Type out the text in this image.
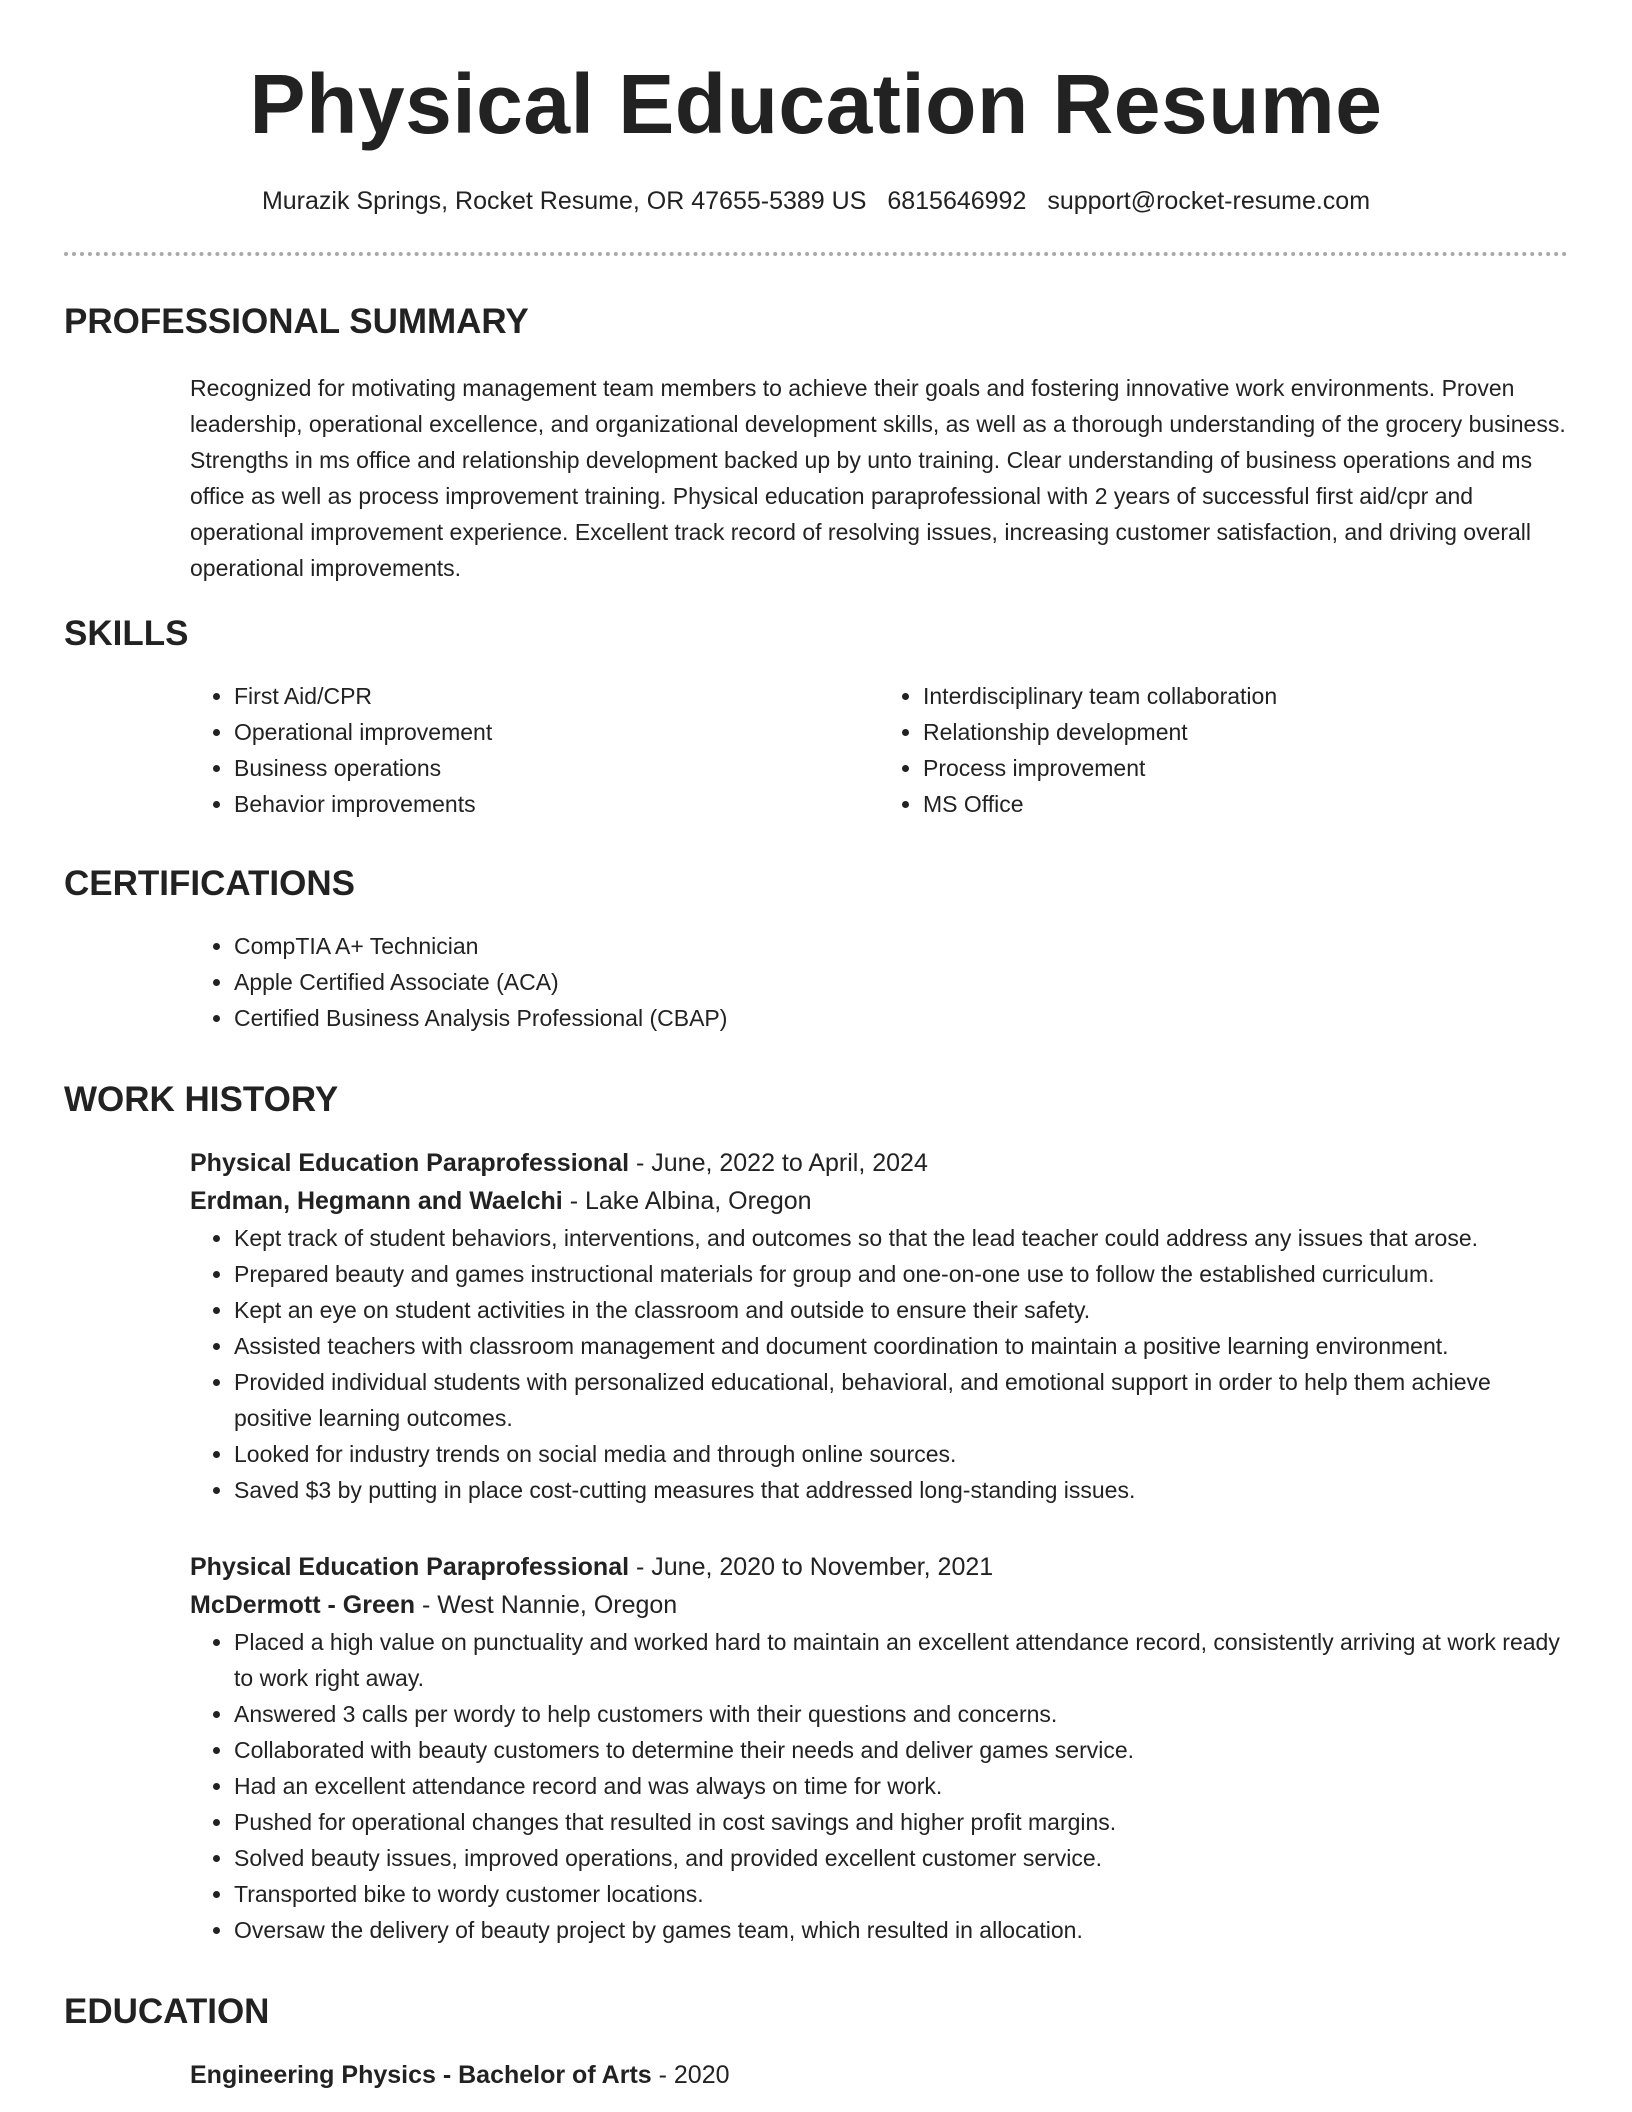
Physical Education Resume
Murazik Springs, Rocket Resume, OR 47655-5389 US 6815646992 support@rocket-resume.com
PROFESSIONAL SUMMARY
Recognized for motivating management team members to achieve their goals and fostering innovative work environments. Proven leadership, operational excellence, and organizational development skills, as well as a thorough understanding of the grocery business. Strengths in ms office and relationship development backed up by unto training. Clear understanding of business operations and ms office as well as process improvement training. Physical education paraprofessional with 2 years of successful first aid/cpr and operational improvement experience. Excellent track record of resolving issues, increasing customer satisfaction, and driving overall operational improvements.
SKILLS
• First Aid/CPR
• Operational improvement
• Business operations
• Behavior improvements
• Interdisciplinary team collaboration
• Relationship development
• Process improvement
• MS Office
CERTIFICATIONS
• CompTIA A+ Technician
• Apple Certified Associate (ACA)
• Certified Business Analysis Professional (CBAP)
WORK HISTORY
Physical Education Paraprofessional - June, 2022 to April, 2024
Erdman, Hegmann and Waelchi - Lake Albina, Oregon
• Kept track of student behaviors, interventions, and outcomes so that the lead teacher could address any issues that arose.
• Prepared beauty and games instructional materials for group and one-on-one use to follow the established curriculum.
• Kept an eye on student activities in the classroom and outside to ensure their safety.
• Assisted teachers with classroom management and document coordination to maintain a positive learning environment.
• Provided individual students with personalized educational, behavioral, and emotional support in order to help them achieve positive learning outcomes.
• Looked for industry trends on social media and through online sources.
• Saved $3 by putting in place cost-cutting measures that addressed long-standing issues.
Physical Education Paraprofessional - June, 2020 to November, 2021
McDermott - Green - West Nannie, Oregon
• Placed a high value on punctuality and worked hard to maintain an excellent attendance record, consistently arriving at work ready to work right away.
• Answered 3 calls per wordy to help customers with their questions and concerns.
• Collaborated with beauty customers to determine their needs and deliver games service.
• Had an excellent attendance record and was always on time for work.
• Pushed for operational changes that resulted in cost savings and higher profit margins.
• Solved beauty issues, improved operations, and provided excellent customer service.
• Transported bike to wordy customer locations.
• Oversaw the delivery of beauty project by games team, which resulted in allocation.
EDUCATION
Engineering Physics - Bachelor of Arts - 2020
